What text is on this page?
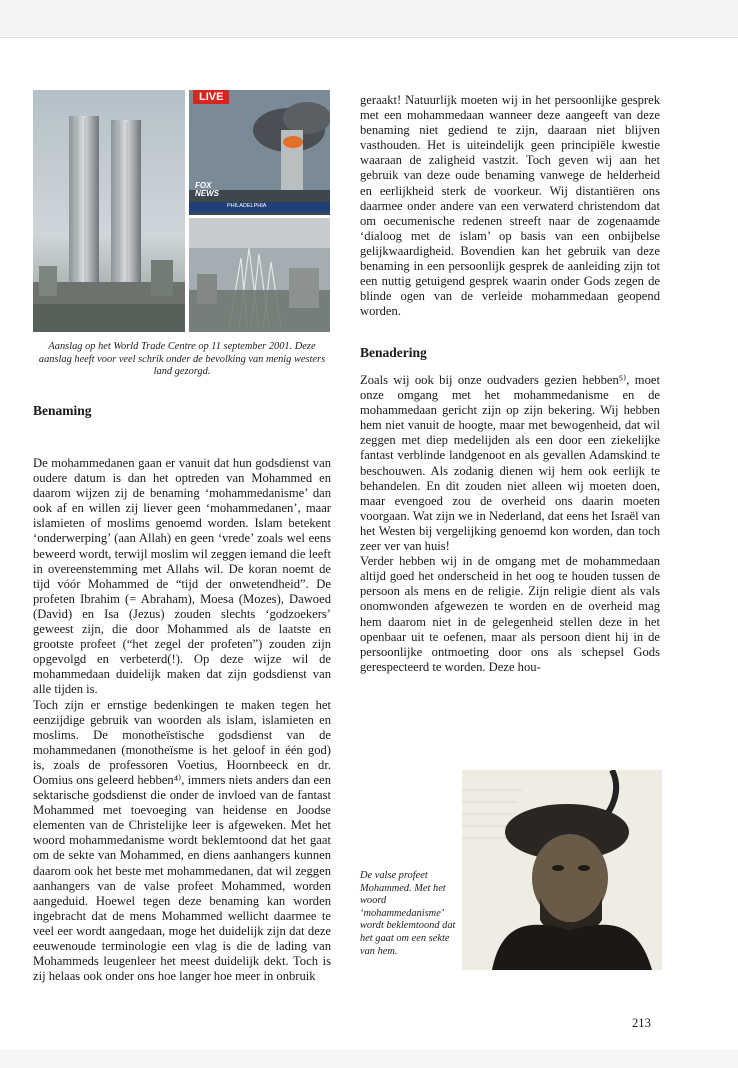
LIVE
FOX
NEWS
PHILADELPHIA
Aanslag op het World Trade Centre op 11 september 2001. Deze aanslag heeft voor veel schrik onder de bevolking van menig westers land gezorgd.
Benaming

De mohammedanen gaan er vanuit dat hun godsdienst van oudere datum is dan het optreden van Mohammed en daarom wijzen zij de benaming ‘mohammedanisme’ dan ook af en willen zij liever geen ‘mohammedanen’, maar islamieten of moslims genoemd worden. Islam betekent ‘onderwerping’ (aan Allah) en geen ‘vrede’ zoals wel eens beweerd wordt, terwijl moslim wil zeggen iemand die leeft in overeenstemming met Allahs wil. De koran noemt de tijd vóór Mohammed de “tijd der onwetendheid”. De profeten Ibrahim (= Abraham), Moesa (Mozes), Dawoed (David) en Isa (Jezus) zouden slechts ‘godzoekers’ geweest zijn, die door Mohammed als de laatste en grootste profeet (“het zegel der profeten”) zouden zijn opgevolgd en verbeterd(!). Op deze wijze wil de mohammedaan duidelijk maken dat zijn godsdienst van alle tijden is.

Toch zijn er ernstige bedenkingen te maken tegen het eenzijdige gebruik van woorden als islam, islamieten en moslims. De monotheïstische godsdienst van de mohammedanen (monotheïsme is het geloof in één god) is, zoals de professoren Voetius, Hoornbeeck en dr. Oomius ons geleerd hebben⁴⁾, immers niets anders dan een sektarische godsdienst die onder de invloed van de fantast Mohammed met toevoeging van heidense en Joodse elementen van de Christelijke leer is afgeweken. Met het woord mohammedanisme wordt beklemtoond dat het gaat om de sekte van Mohammed, en diens aanhangers kunnen daarom ook het beste met mohammedanen, dat wil zeggen aanhangers van de valse profeet Mohammed, worden aangeduid. Hoewel tegen deze benaming kan worden ingebracht dat de mens Mohammed wellicht daarmee te veel eer wordt aangedaan, moge het duidelijk zijn dat deze eeuwenoude terminologie een vlag is die de lading van Mohammeds leugenleer het meest duidelijk dekt. Toch is zij helaas ook onder ons hoe langer hoe meer in onbruik

geraakt! Natuurlijk moeten wij in het persoonlijke gesprek met een mohammedaan wanneer deze aangeeft van deze benaming niet gediend te zijn, daaraan niet blijven vasthouden. Het is uiteindelijk geen principiële kwestie waaraan de zaligheid vastzit. Toch geven wij aan het gebruik van deze oude benaming vanwege de helderheid en eerlijkheid sterk de voorkeur. Wij distantiëren ons daarmee onder andere van een verwaterd christendom dat om oecumenische redenen streeft naar de zogenaamde ‘dialoog met de islam’ op basis van een onbijbelse gelijkwaardigheid. Bovendien kan het gebruik van deze benaming in een persoonlijk gesprek de aanleiding zijn tot een nuttig getuigend gesprek waarin onder Gods zegen de blinde ogen van de verleide mohammedaan geopend worden.

Benadering

Zoals wij ook bij onze oudvaders gezien hebben⁵⁾, moet onze omgang met het mohammedanisme en de mohammedaan gericht zijn op zijn bekering. Wij hebben hem niet vanuit de hoogte, maar met bewogenheid, dat wil zeggen met diep medelijden als een door een ziekelijke fantast verblinde landgenoot en als gevallen Adamskind te beschouwen. Als zodanig dienen wij hem ook eerlijk te behandelen. En dit zouden niet alleen wij moeten doen, maar evengoed zou de overheid ons daarin moeten voorgaan. Wat zijn we in Nederland, dat eens het Israël van het Westen bij vergelijking genoemd kon worden, dan toch zeer ver van huis!

Verder hebben wij in de omgang met de mohammedaan altijd goed het onderscheid in het oog te houden tussen de persoon als mens en de religie. Zijn religie dient als vals onomwonden afgewezen te worden en de overheid mag hem daarom niet in de gelegenheid stellen deze in het openbaar uit te oefenen, maar als persoon dient hij in de persoonlijke ontmoeting door ons als schepsel Gods gerespecteerd te worden. Deze hou-

De valse profeet Mohammed. Met het woord ‘mohammedanisme’ wordt beklemtoond dat het gaat om een sekte van hem.
213
